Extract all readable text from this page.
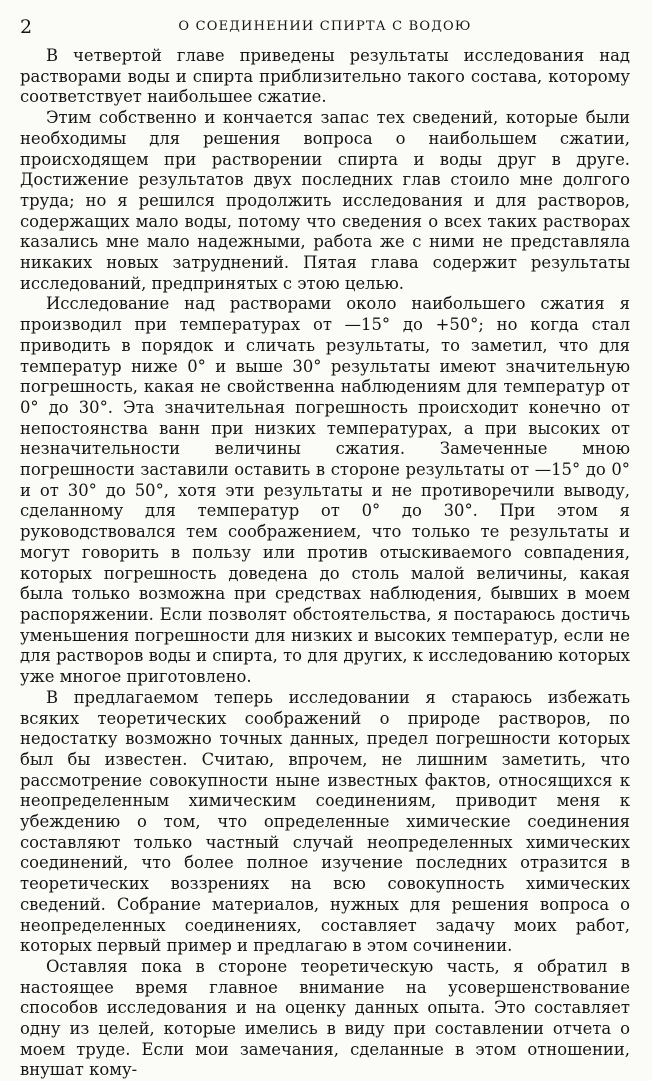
2	О СОЕДИНЕНИИ СПИРТА С ВОДОЮ

В четвертой главе приведены результаты исследования над растворами воды и спирта приблизительно такого состава, которому соответствует наибольшее сжатие.

Этим собственно и кончается запас тех сведений, которые были необходимы для решения вопроса о наибольшем сжатии, происходящем при растворении спирта и воды друг в друге. Достижение результатов двух последних глав стоило мне долгого труда; но я решился продолжить исследования и для растворов, содержащих мало воды, потому что сведения о всех таких растворах казались мне мало надежными, работа же с ними не представляла никаких новых затруднений. Пятая глава содержит результаты исследований, предпринятых с этою целью.

Исследование над растворами около наибольшего сжатия я производил при температурах от —15° до +50°; но когда стал приводить в порядок и сличать результаты, то заметил, что для температур ниже 0° и выше 30° результаты имеют значительную погрешность, какая не свойственна наблюдениям для температур от 0° до 30°. Эта значительная погрешность происходит конечно от непостоянства ванн при низких температурах, а при высоких от незначительности величины сжатия. Замеченные мною погрешности заставили оставить в стороне результаты от —15° до 0° и от 30° до 50°, хотя эти результаты и не противоречили выводу, сделанному для температур от 0° до 30°. При этом я руководствовался тем соображением, что только те результаты и могут говорить в пользу или против отыскиваемого совпадения, которых погрешность доведена до столь малой величины, какая была только возможна при средствах наблюдения, бывших в моем распоряжении. Если позволят обстоятельства, я постараюсь достичь уменьшения погрешности для низких и высоких температур, если не для растворов воды и спирта, то для других, к исследованию которых уже многое приготовлено.

В предлагаемом теперь исследовании я стараюсь избежать всяких теоретических соображений о природе растворов, по недостатку возможно точных данных, предел погрешности которых был бы известен. Считаю, впрочем, не лишним заметить, что рассмотрение совокупности ныне известных фактов, относящихся к неопределенным химическим соединениям, приводит меня к убеждению о том, что определенные химические соединения составляют только частный случай неопределенных химических соединений, что более полное изучение последних отразится в теоретических воззрениях на всю совокупность химических сведений. Собрание материалов, нужных для решения вопроса о неопределенных соединениях, составляет задачу моих работ, которых первый пример и предлагаю в этом сочинении.

Оставляя пока в стороне теоретическую часть, я обратил в настоящее время главное внимание на усовершенствование способов исследования и на оценку данных опыта. Это составляет одну из целей, которые имелись в виду при составлении отчета о моем труде. Если мои замечания, сделанные в этом отношении, внушат кому-
